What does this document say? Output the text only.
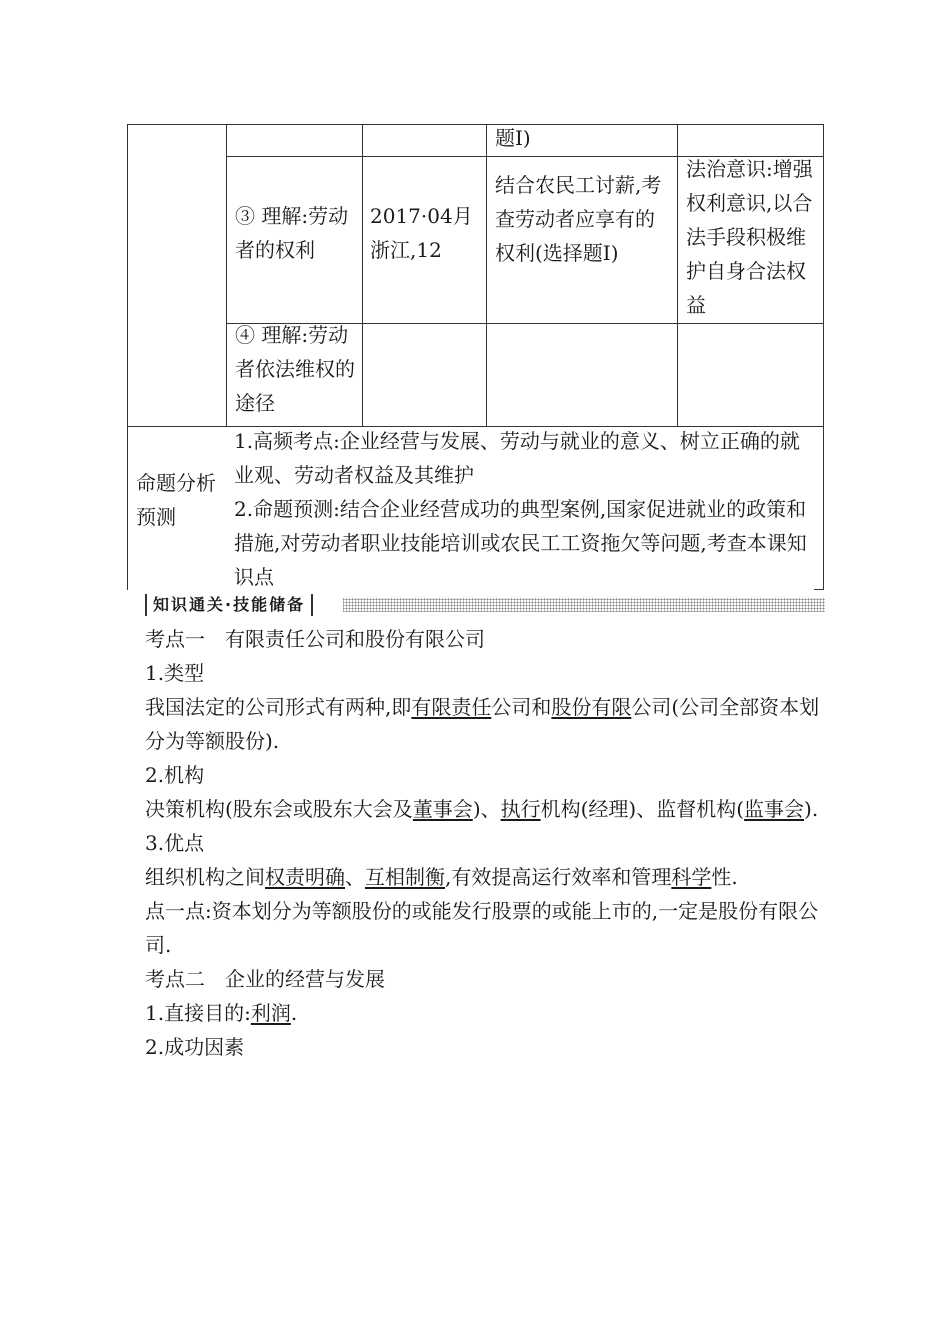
题Ⅰ)
③ 理解:劳动者的权利
2017·04月浙江,12
结合农民工讨薪,考查劳动者应享有的权利(选择题Ⅰ)
法治意识:增强权利意识,以合法手段积极维护自身合法权益
④ 理解:劳动者依法维权的途径
命题分析预测
1.高频考点:企业经营与发展、劳动与就业的意义、树立正确的就业观、劳动者权益及其维护
2.命题预测:结合企业经营成功的典型案例,国家促进就业的政策和措施,对劳动者职业技能培训或农民工工资拖欠等问题,考查本课知识点
知识通关·技能储备

考点一　有限责任公司和股份有限公司

1.类型

我国法定的公司形式有两种,即有限责任公司和股份有限公司(公司全部资本划分为等额股份).

2.机构

决策机构(股东会或股东大会及董事会)、执行机构(经理)、监督机构(监事会).

3.优点

组织机构之间权责明确、互相制衡,有效提高运行效率和管理科学性.

点一点:资本划分为等额股份的或能发行股票的或能上市的,一定是股份有限公司.

考点二　企业的经营与发展

1.直接目的:利润.

2.成功因素
